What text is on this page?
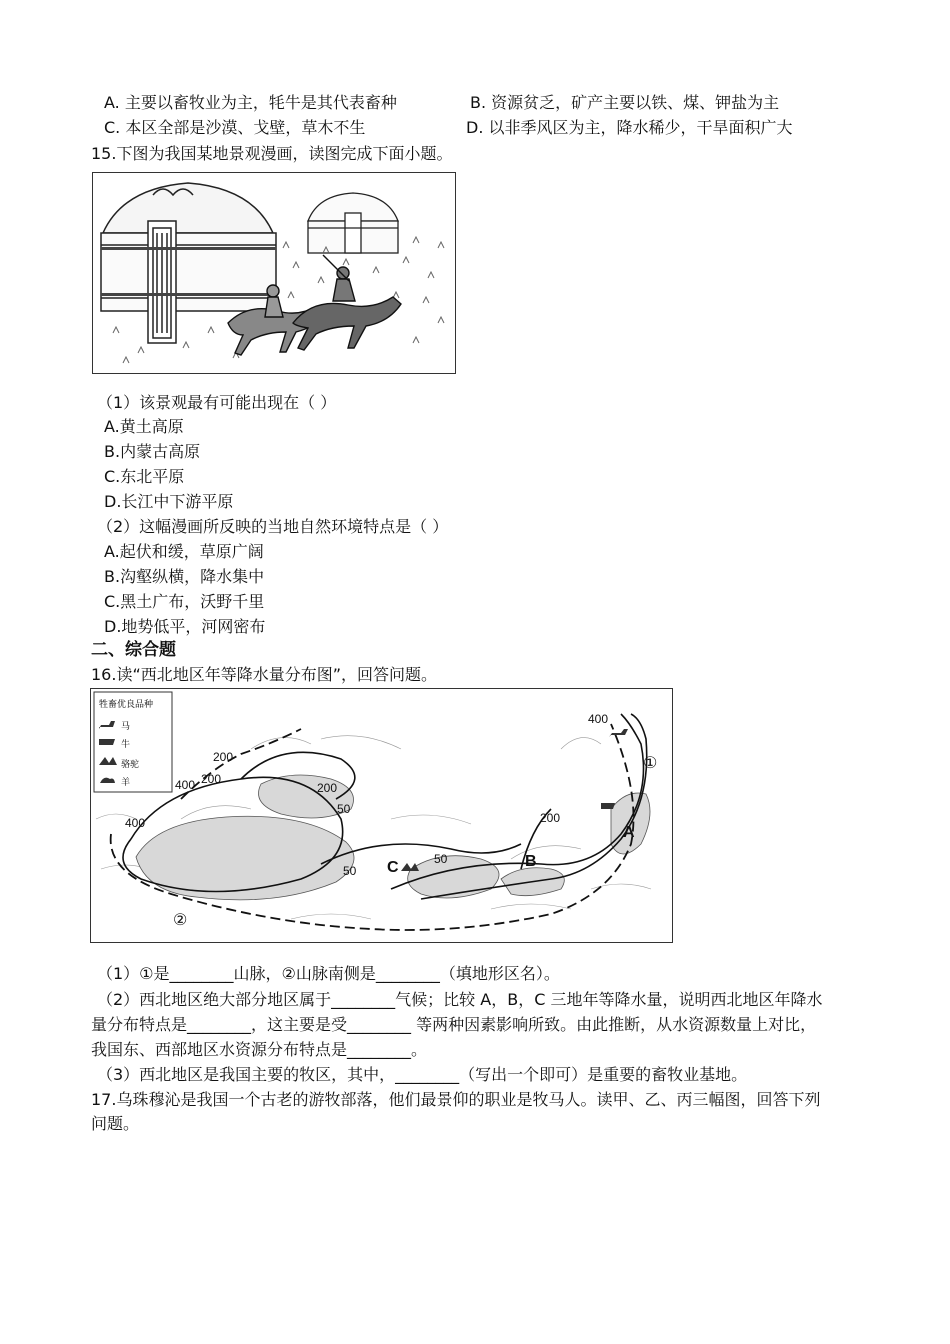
A. 主要以畜牧业为主，牦牛是其代表畜种	B. 资源贫乏，矿产主要以铁、煤、钾盐为主
C. 本区全部是沙漠、戈壁，草木不生	D. 以非季风区为主，降水稀少，干旱面积广大
15.下图为我国某地景观漫画，读图完成下面小题。
（1）该景观最有可能出现在（ ）
A.黄土高原
B.内蒙古高原
C.东北平原
D.长江中下游平原
（2）这幅漫画所反映的当地自然环境特点是（ ）
A.起伏和缓，草原广阔
B.沟壑纵横，降水集中
C.黑土广布，沃野千里
D.地势低平，河网密布
二、综合题
16.读“西北地区年等降水量分布图”，回答问题。
牲畜优良品种
马
牛
骆驼
羊
400
200
200
400	200
50
400
50
50
200
A
B
C
①
②
（1）①是________山脉，②山脉南侧是________（填地形区名）。
（2）西北地区绝大部分地区属于________气候；比较 A，B，C 三地年等降水量，说明西北地区年降水
量分布特点是________，这主要是受________ 等两种因素影响所致。由此推断，从水资源数量上对比，
我国东、西部地区水资源分布特点是________。
（3）西北地区是我国主要的牧区，其中，________（写出一个即可）是重要的畜牧业基地。
17.乌珠穆沁是我国一个古老的游牧部落，他们最景仰的职业是牧马人。读甲、乙、丙三幅图，回答下列
问题。
